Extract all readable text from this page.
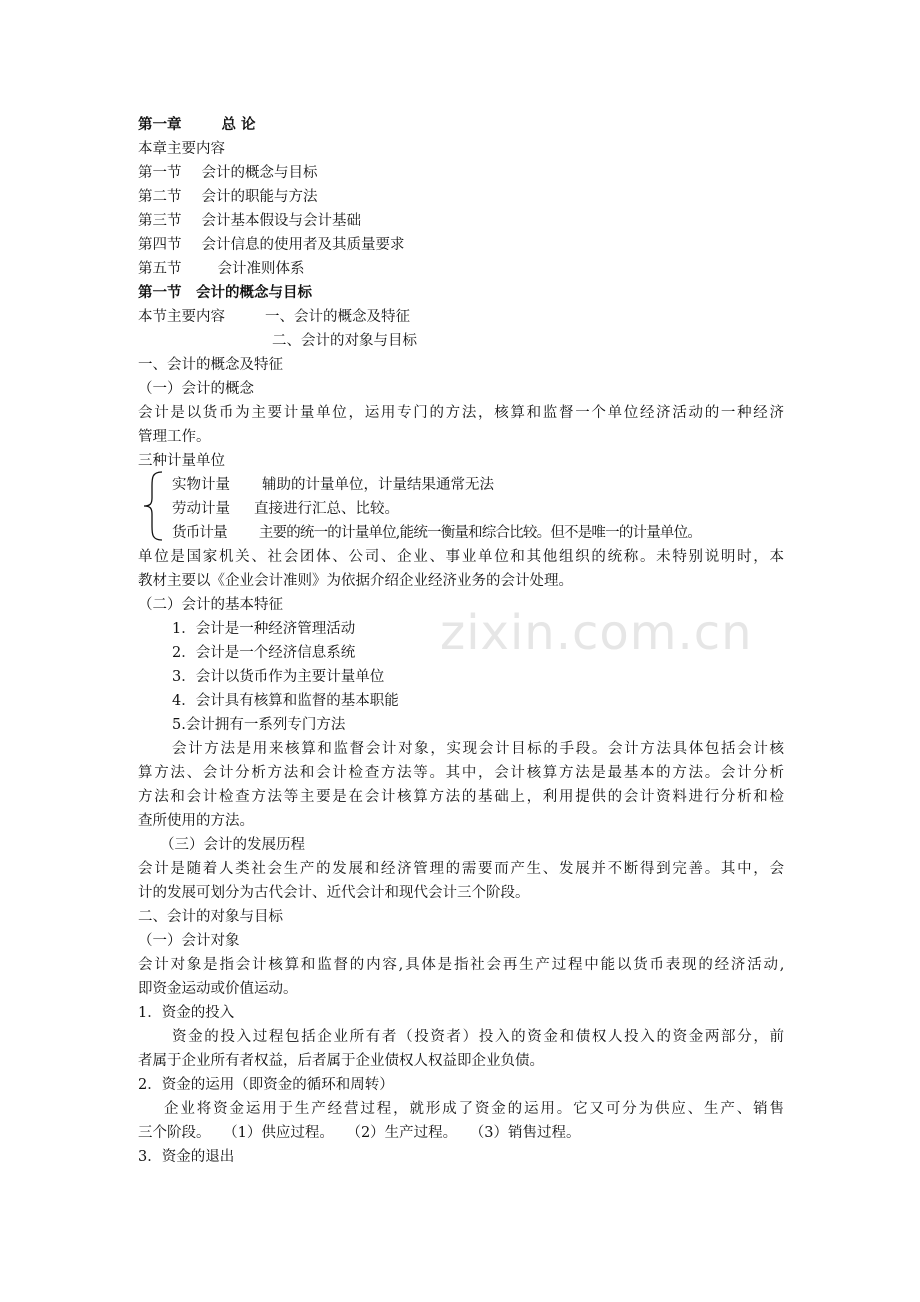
zixin.com.cn
第一章	总 论
本章主要内容
第一节 会计的概念与目标
第二节 会计的职能与方法
第三节 会计基本假设与会计基础
第四节 会计信息的使用者及其质量要求
第五节 会计准则体系
第一节　会计的概念与目标
本节主要内容	一、会计的概念及特征
二、会计的对象与目标
一、会计的概念及特征
（一）会计的概念
会计是以货币为主要计量单位，运用专门的方法，核算和监督一个单位经济活动的一种经济
管理工作。
三种计量单位
实物计量 辅助的计量单位，计量结果通常无法
劳动计量 直接进行汇总、比较。
货币计量 主要的统一的计量单位,能统一衡量和综合比较。但不是唯一的计量单位。
单位是国家机关、社会团体、公司、企业、事业单位和其他组织的统称。未特别说明时，本
教材主要以《企业会计准则》为依据介绍企业经济业务的会计处理。
（二）会计的基本特征
1．会计是一种经济管理活动
2．会计是一个经济信息系统
3．会计以货币作为主要计量单位
4．会计具有核算和监督的基本职能
5.会计拥有一系列专门方法
会计方法是用来核算和监督会计对象，实现会计目标的手段。会计方法具体包括会计核
算方法、会计分析方法和会计检查方法等。其中，会计核算方法是最基本的方法。会计分析
方法和会计检查方法等主要是在会计核算方法的基础上，利用提供的会计资料进行分析和检
查所使用的方法。
（三）会计的发展历程
会计是随着人类社会生产的发展和经济管理的需要而产生、发展并不断得到完善。其中，会
计的发展可划分为古代会计、近代会计和现代会计三个阶段。
二、会计的对象与目标
（一）会计对象
会计对象是指会计核算和监督的内容,具体是指社会再生产过程中能以货币表现的经济活动,
即资金运动或价值运动。
1．资金的投入
资金的投入过程包括企业所有者（投资者）投入的资金和债权人投入的资金两部分，前
者属于企业所有者权益，后者属于企业债权人权益即企业负债。
2．资金的运用（即资金的循环和周转）
企业将资金运用于生产经营过程，就形成了资金的运用。它又可分为供应、生产、销售
三个阶段。 （1）供应过程。 （2）生产过程。 （3）销售过程。
3．资金的退出
